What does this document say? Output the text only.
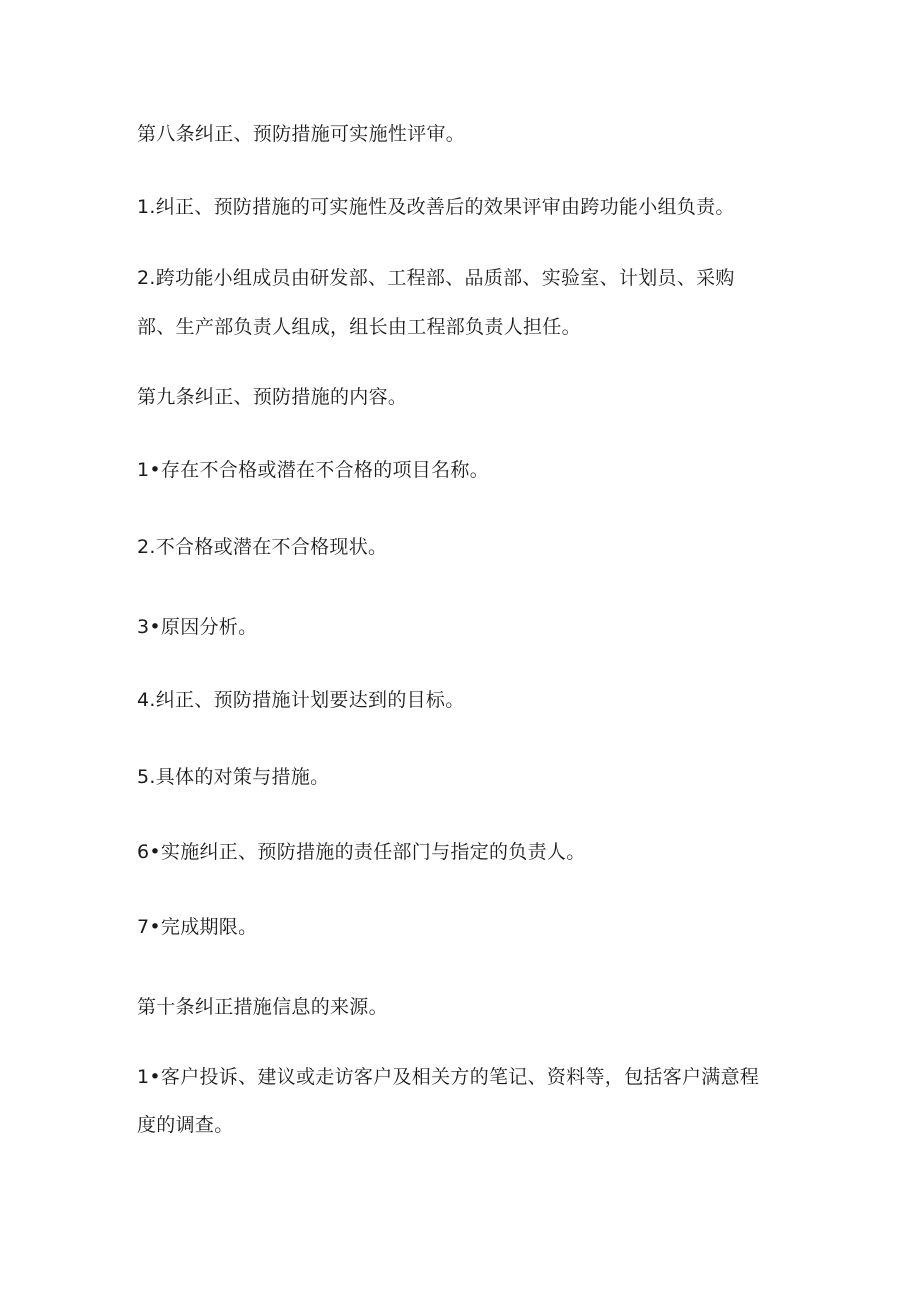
第八条纠正、预防措施可实施性评审。
1.纠正、预防措施的可实施性及改善后的效果评审由跨功能小组负责。
2.跨功能小组成员由研发部、工程部、品质部、实验室、计划员、采购
部、生产部负责人组成，组长由工程部负责人担任。
第九条纠正、预防措施的内容。
1•存在不合格或潜在不合格的项目名称。
2.不合格或潜在不合格现状。
3•原因分析。
4.纠正、预防措施计划要达到的目标。
5.具体的对策与措施。
6•实施纠正、预防措施的责任部门与指定的负责人。
7•完成期限。
第十条纠正措施信息的来源。
1•客户投诉、建议或走访客户及相关方的笔记、资料等，包括客户满意程
度的调查。
